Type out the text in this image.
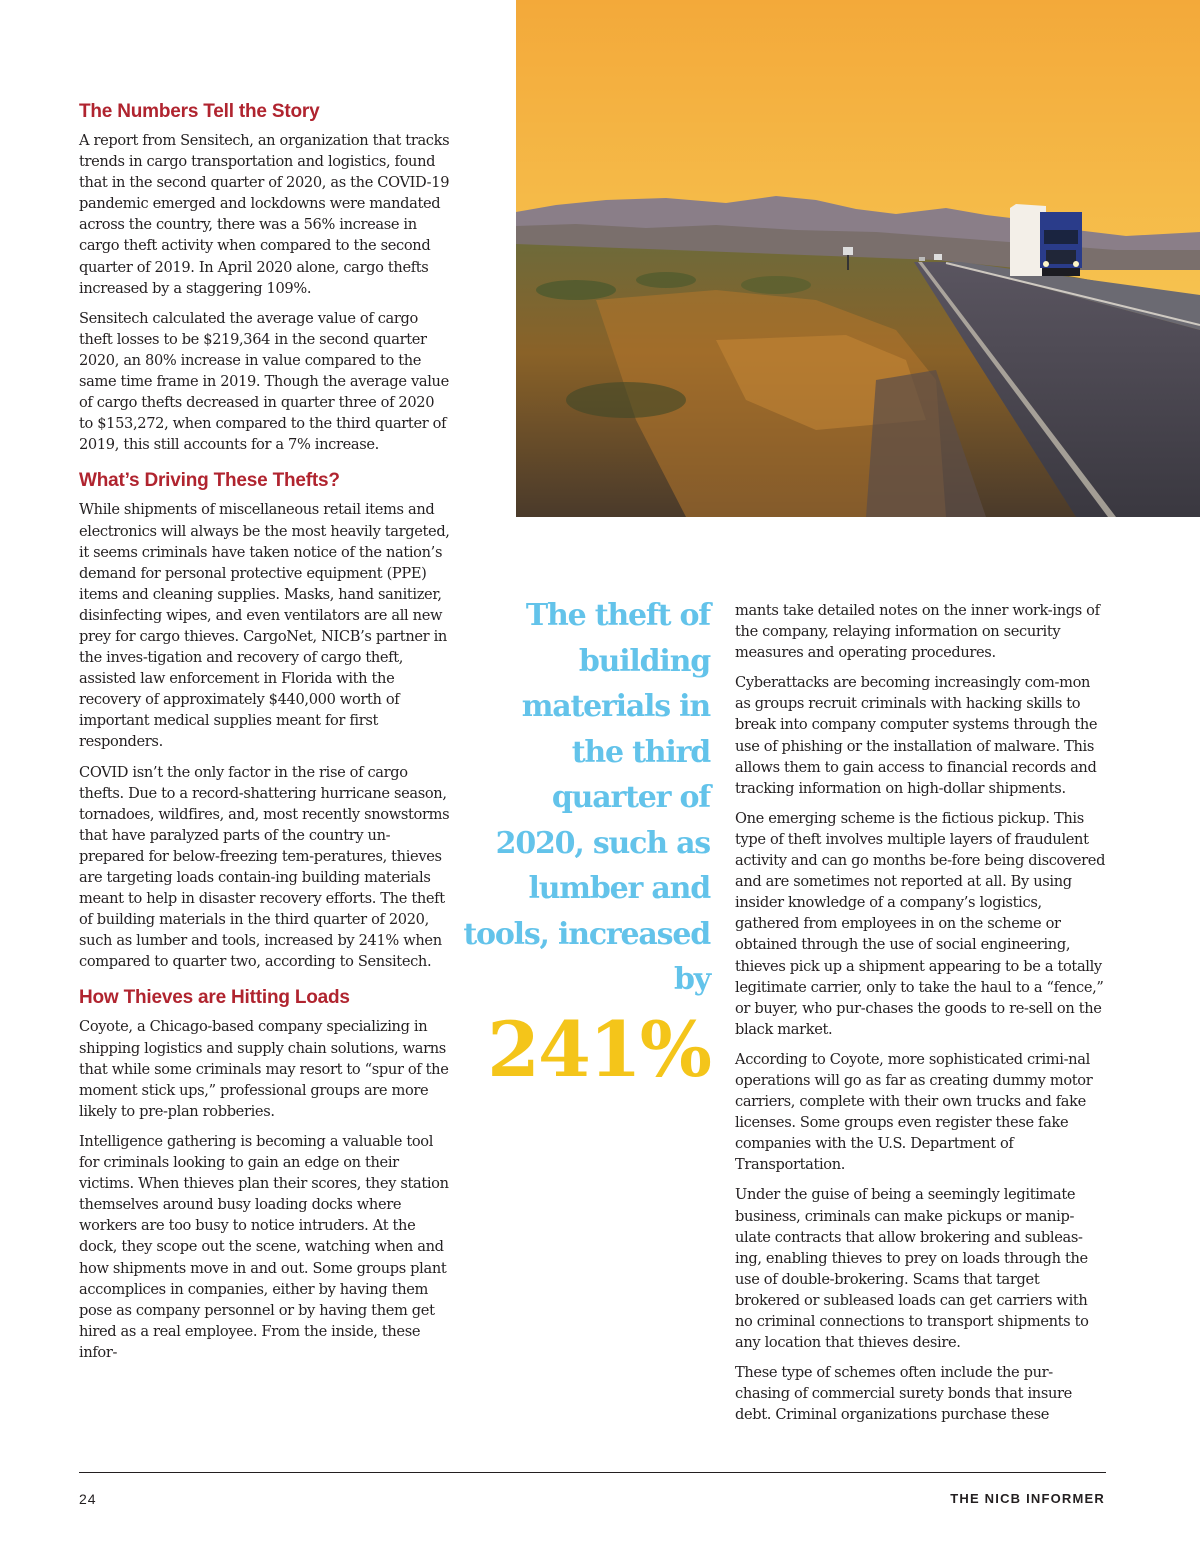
The Numbers Tell the Story

A report from Sensitech, an organization that tracks trends in cargo transportation and logistics, found that in the second quarter of 2020, as the COVID-19 pandemic emerged and lockdowns were mandated across the country, there was a 56% increase in cargo theft activity when compared to the second quarter of 2019. In April 2020 alone, cargo thefts increased by a staggering 109%.

Sensitech calculated the average value of cargo theft losses to be $219,364 in the second quarter 2020, an 80% increase in value compared to the same time frame in 2019. Though the average value of cargo thefts decreased in quarter three of 2020 to $153,272, when compared to the third quarter of 2019, this still accounts for a 7% increase.

What’s Driving These Thefts?

While shipments of miscellaneous retail items and electronics will always be the most heavily targeted, it seems criminals have taken notice of the nation’s demand for personal protective equipment (PPE) items and cleaning supplies. Masks, hand sanitizer, disinfecting wipes, and even ventilators are all new prey for cargo thieves. CargoNet, NICB’s partner in the inves-tigation and recovery of cargo theft, assisted law enforcement in Florida with the recovery of approximately $440,000 worth of important medical supplies meant for first responders.

COVID isn’t the only factor in the rise of cargo thefts. Due to a record-shattering hurricane season, tornadoes, wildfires, and, most recently snowstorms that have paralyzed parts of the country un-prepared for below-freezing tem-peratures, thieves are targeting loads contain-ing building materials meant to help in disaster recovery efforts. The theft of building materials in the third quarter of 2020, such as lumber and tools, increased by 241% when compared to quarter two, according to Sensitech.

How Thieves are Hitting Loads

Coyote, a Chicago-based company specializing in shipping logistics and supply chain solutions, warns that while some criminals may resort to “spur of the moment stick ups,” professional groups are more likely to pre-plan robberies.

Intelligence gathering is becoming a valuable tool for criminals looking to gain an edge on their victims. When thieves plan their scores, they station themselves around busy loading docks where workers are too busy to notice intruders. At the dock, they scope out the scene, watching when and how shipments move in and out. Some groups plant accomplices in companies, either by having them pose as company personnel or by having them get hired as a real employee. From the inside, these infor-

The theft of building materials in the third quarter of 2020, such as lumber and tools, increased by
241%

mants take detailed notes on the inner work-ings of the company, relaying information on security measures and operating procedures.

Cyberattacks are becoming increasingly com-mon as groups recruit criminals with hacking skills to break into company computer systems through the use of phishing or the installation of malware. This allows them to gain access to financial records and tracking information on high-dollar shipments.

One emerging scheme is the fictious pickup. This type of theft involves multiple layers of fraudulent activity and can go months be-fore being discovered and are sometimes not reported at all. By using insider knowledge of a company’s logistics, gathered from employees in on the scheme or obtained through the use of social engineering, thieves pick up a shipment appearing to be a totally legitimate carrier, only to take the haul to a “fence,” or buyer, who pur-chases the goods to re-sell on the black market.

According to Coyote, more sophisticated crimi-nal operations will go as far as creating dummy motor carriers, complete with their own trucks and fake licenses. Some groups even register these fake companies with the U.S. Department of Transportation.

Under the guise of being a seemingly legitimate business, criminals can make pickups or manip-ulate contracts that allow brokering and subleas-ing, enabling thieves to prey on loads through the use of double-brokering. Scams that target brokered or subleased loads can get carriers with no criminal connections to transport shipments to any location that thieves desire.

These type of schemes often include the pur-chasing of commercial surety bonds that insure debt. Criminal organizations purchase these

24	THE NICB INFORMER
